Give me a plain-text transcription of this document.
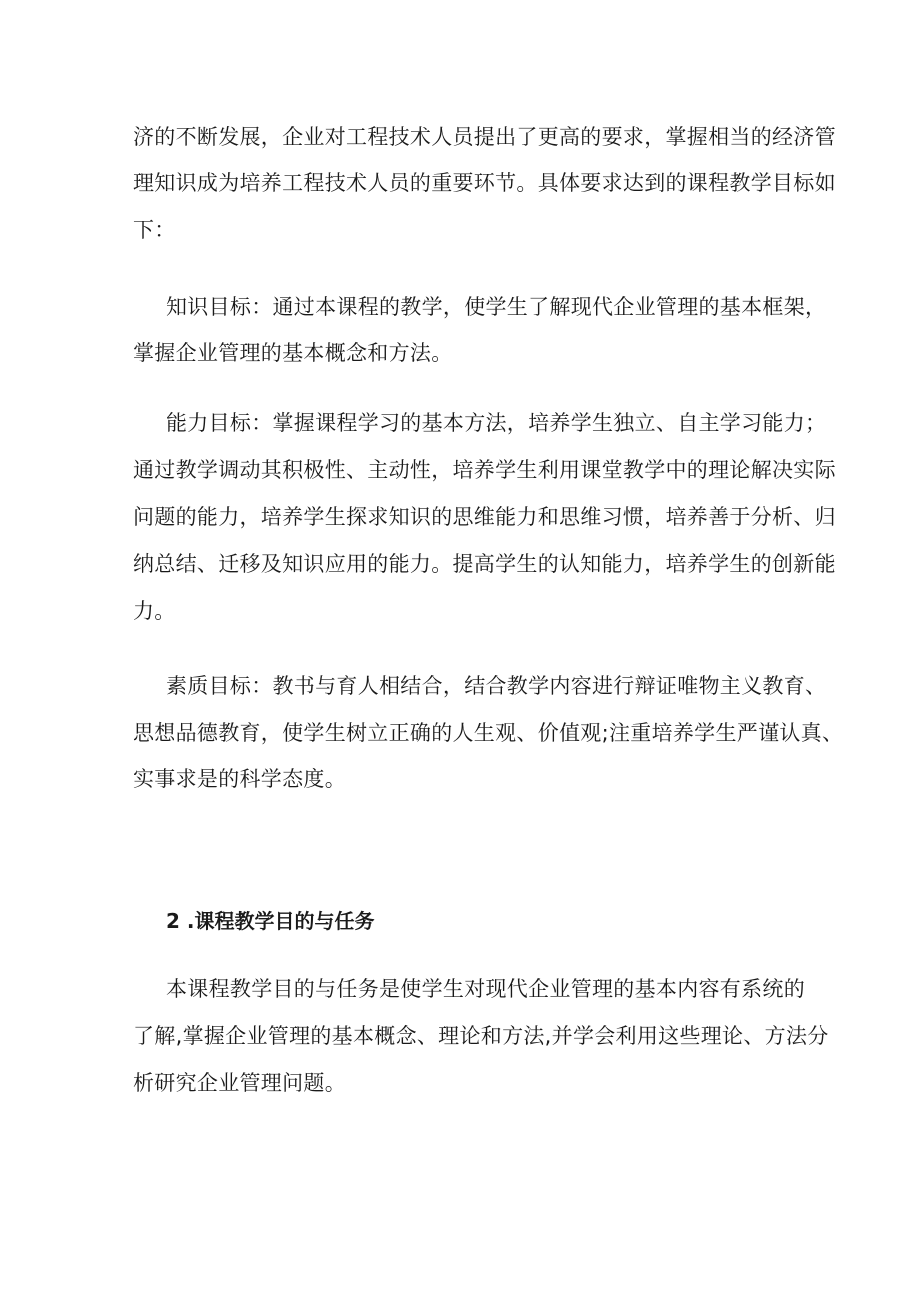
济的不断发展，企业对工程技术人员提出了更高的要求，掌握相当的经济管
理知识成为培养工程技术人员的重要环节。具体要求达到的课程教学目标如
下：
知识目标：通过本课程的教学，使学生了解现代企业管理的基本框架，
掌握企业管理的基本概念和方法。
能力目标：掌握课程学习的基本方法，培养学生独立、自主学习能力；
通过教学调动其积极性、主动性，培养学生利用课堂教学中的理论解决实际
问题的能力，培养学生探求知识的思维能力和思维习惯，培养善于分析、归
纳总结、迁移及知识应用的能力。提高学生的认知能力，培养学生的创新能
力。
素质目标：教书与育人相结合，结合教学内容进行辩证唯物主义教育、
思想品德教育，使学生树立正确的人生观、价值观;注重培养学生严谨认真、
实事求是的科学态度。
2 .课程教学目的与任务
本课程教学目的与任务是使学生对现代企业管理的基本内容有系统的
了解,掌握企业管理的基本概念、理论和方法,并学会利用这些理论、方法分
析研究企业管理问题。
